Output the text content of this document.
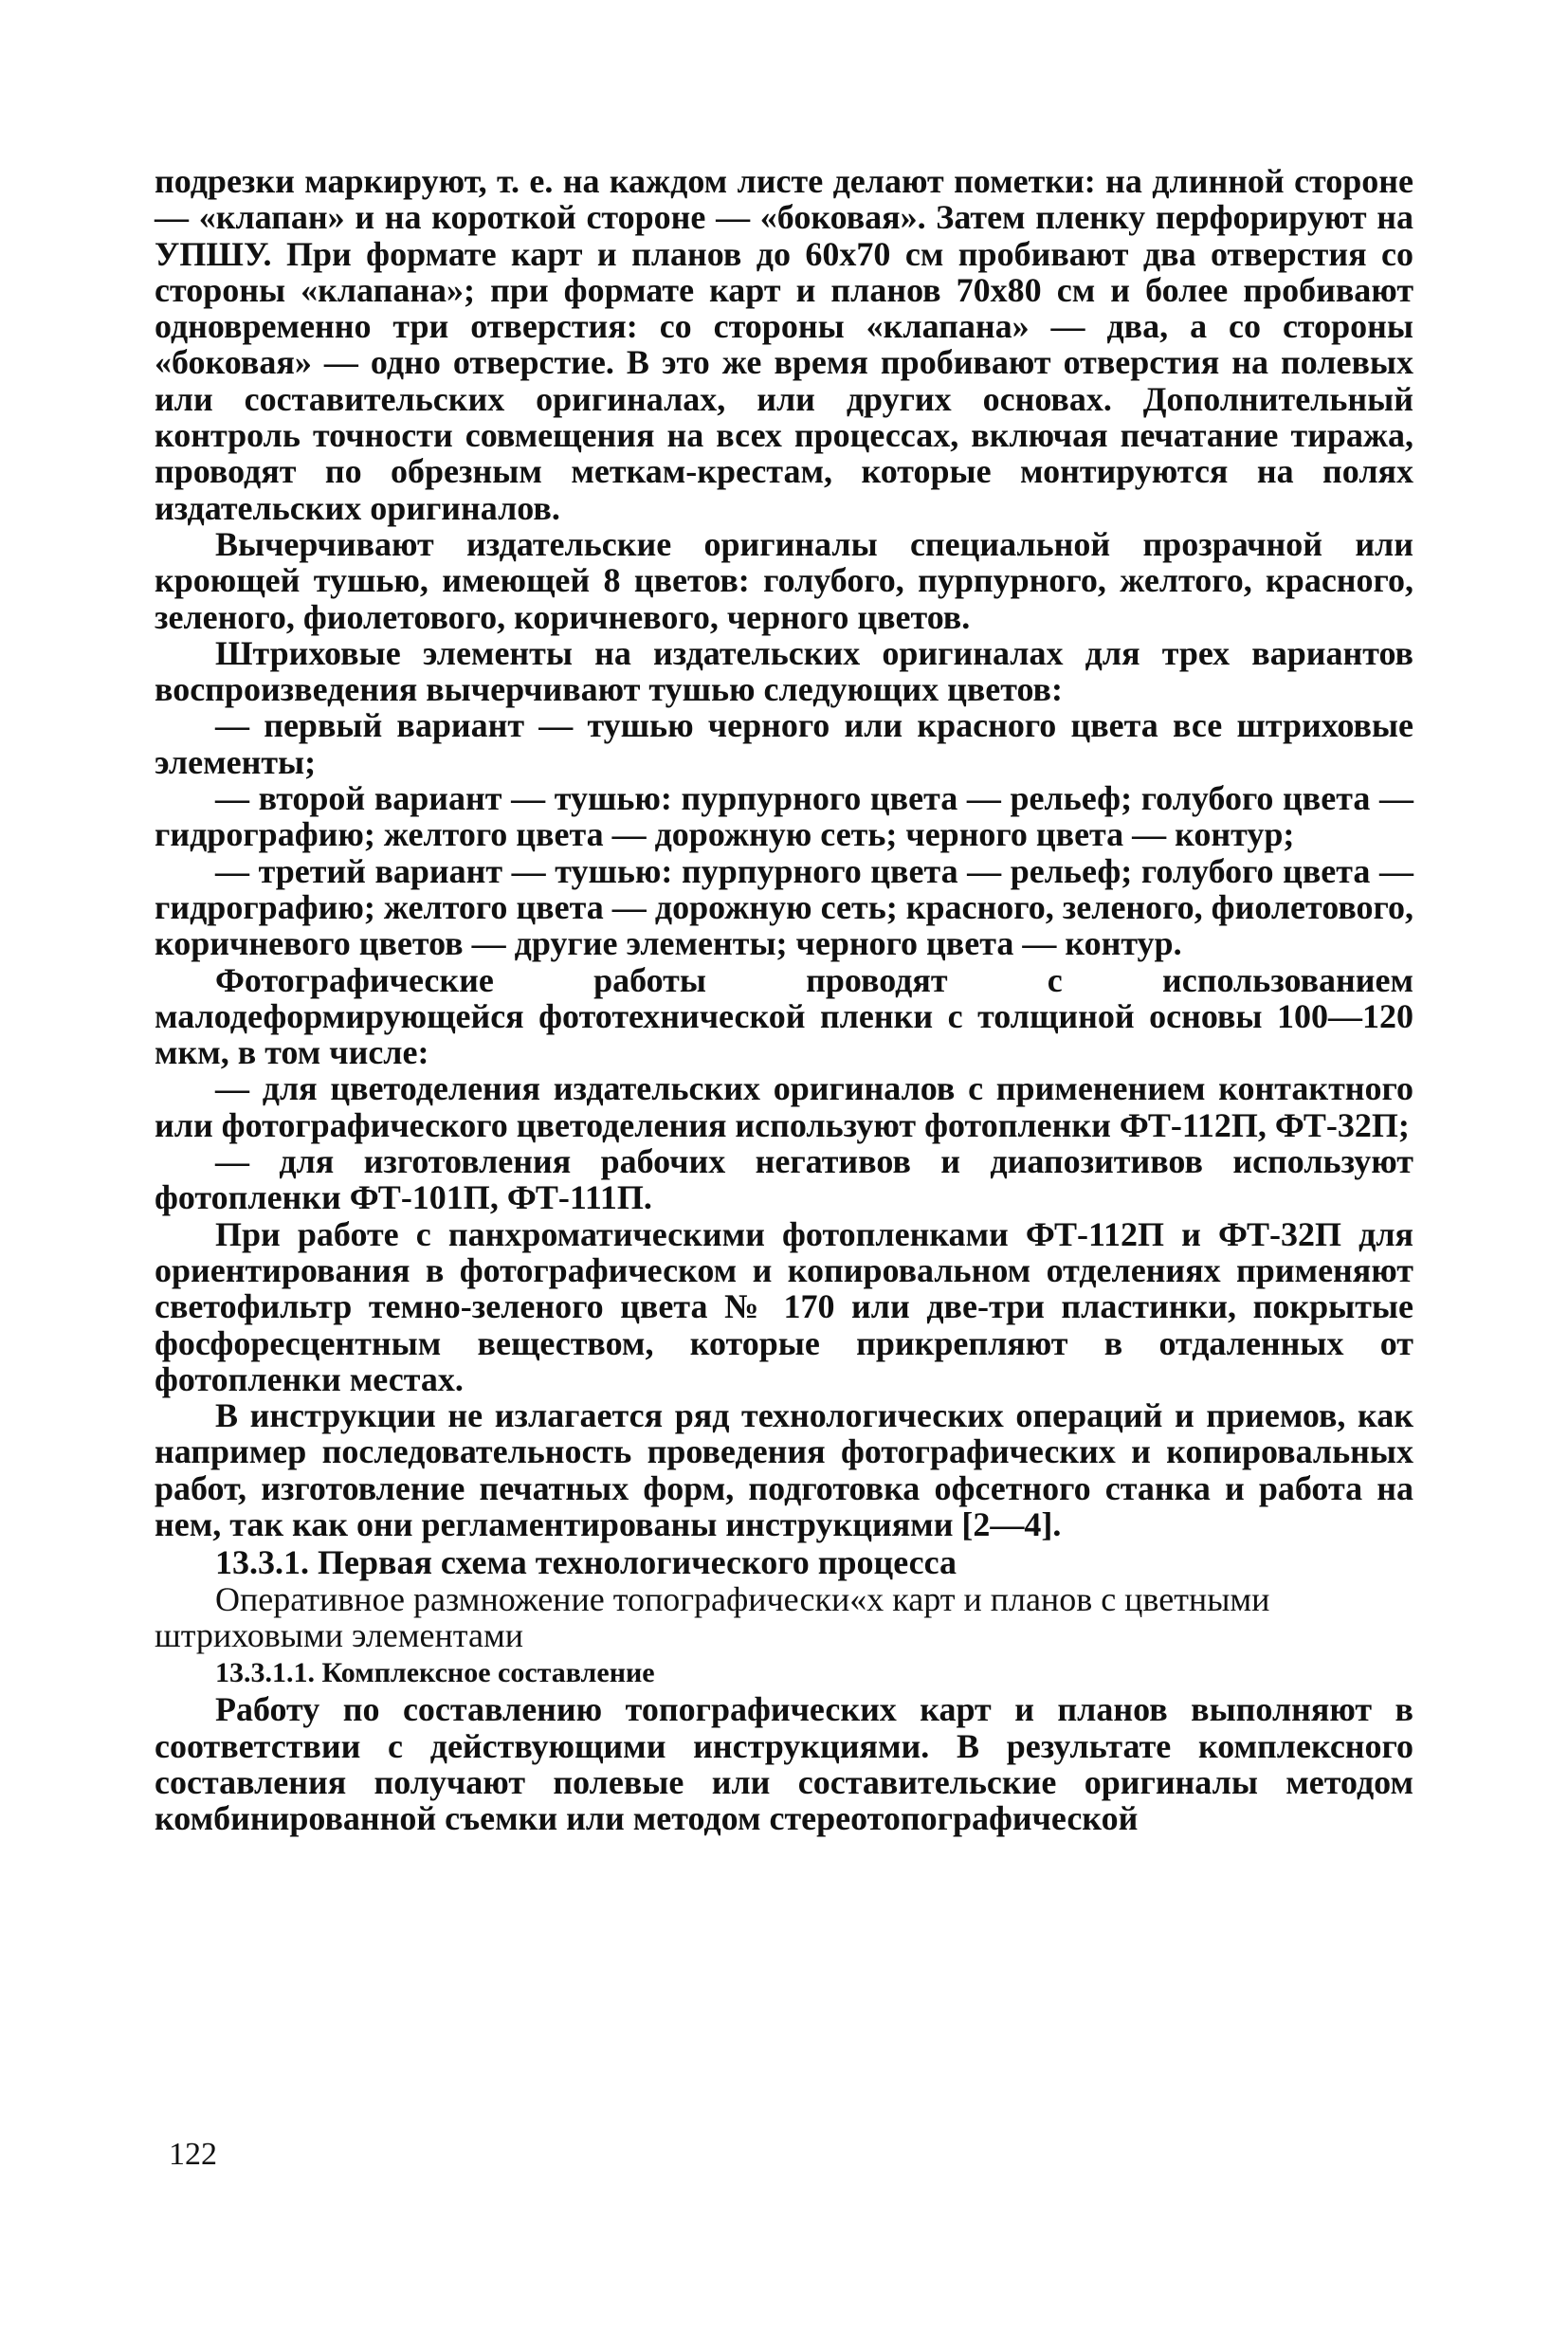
подрезки маркируют, т. е. на каждом листе делают пометки: на длинной стороне — «клапан» и на короткой стороне — «боковая». Затем пленку перфорируют на УПШУ. При формате карт и планов до 60х70 см пробивают два отверстия со стороны «клапана»; при формате карт и планов 70х80 см и более пробивают одновременно три отверстия: со стороны «клапана» — два, а со стороны «боковая» — одно отверстие. В это же время пробивают отверстия на полевых или составительских оригиналах, или других основах. Дополнительный контроль точности совмещения на всех процессах, включая печатание тиража, проводят по обрезным меткам-крестам, которые монтируются на полях издательских оригиналов.

Вычерчивают издательские оригиналы специальной прозрачной или кроющей тушью, имеющей 8 цветов: голубого, пурпурного, желтого, красного, зеленого, фиолетового, коричневого, черного цветов.

Штриховые элементы на издательских оригиналах для трех вариантов воспроизведения вычерчивают тушью следующих цветов:

— первый вариант — тушью черного или красного цвета все штриховые элементы;

— второй вариант — тушью: пурпурного цвета — рельеф; голубого цвета — гидрографию; желтого цвета — дорожную сеть; черного цвета — контур;

— третий вариант — тушью: пурпурного цвета — рельеф; голубого цвета — гидрографию; желтого цвета — дорожную сеть; красного, зеленого, фиолетового, коричневого цветов — другие элементы; черного цвета — контур.

Фотографические работы проводят с использованием малодеформирующейся фототехнической пленки с толщиной основы 100—120 мкм, в том числе:

— для цветоделения издательских оригиналов с применением контактного или фотографического цветоделения используют фотопленки ФТ-112П, ФТ-32П;

— для изготовления рабочих негативов и диапозитивов используют фотопленки ФТ-101П, ФТ-111П.

При работе с панхроматическими фотопленками ФТ-112П и ФТ-32П для ориентирования в фотографическом и копировальном отделениях применяют светофильтр темно-зеленого цвета № 170 или две-три пластинки, покрытые фосфоресцентным веществом, которые прикрепляют в отдаленных от фотопленки местах.

В инструкции не излагается ряд технологических операций и приемов, как например последовательность проведения фотографических и копировальных работ, изготовление печатных форм, подготовка офсетного станка и работа на нем, так как они регламентированы инструкциями [2—4].

13.3.1. Первая схема технологического процесса

Оперативное размножение топографически«х карт и планов с цветными штриховыми элементами

13.3.1.1. Комплексное составление

Работу по составлению топографических карт и планов выполняют в соответствии с действующими инструкциями. В результате комплексного составления получают полевые или составительские оригиналы методом комбинированной съемки или методом стереотопографической

122
